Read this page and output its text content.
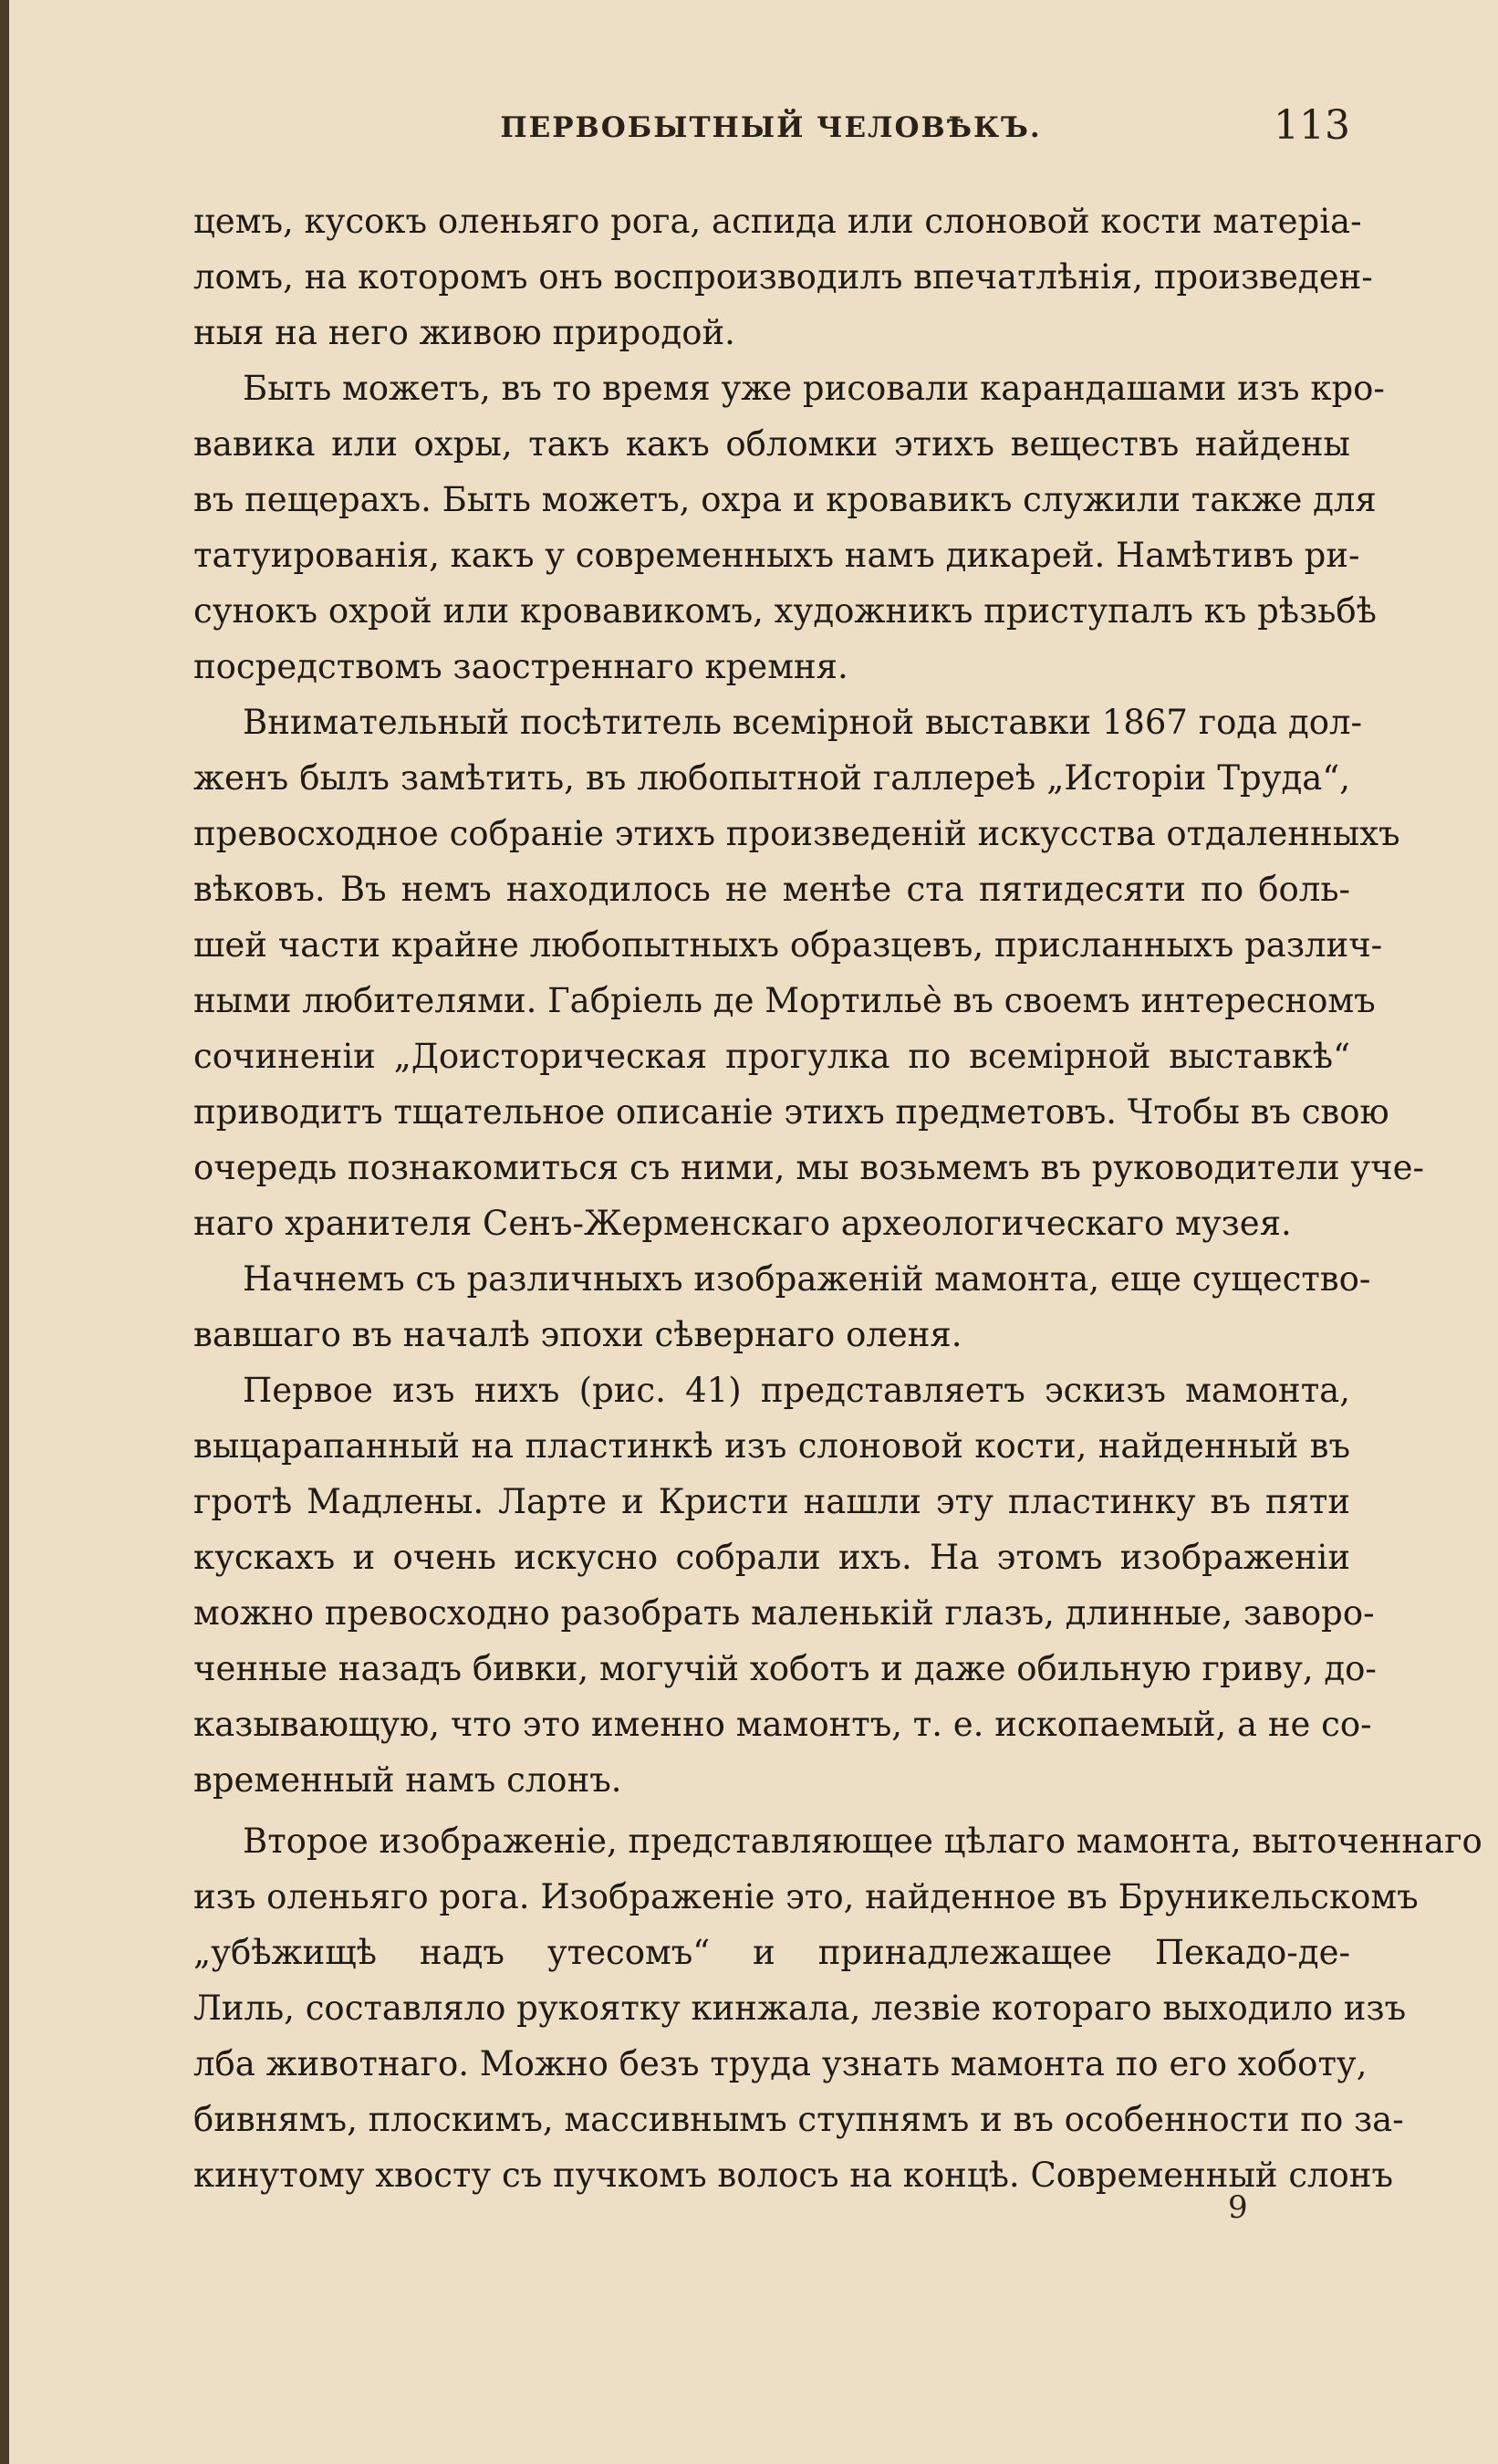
ПЕРВОБЫТНЫЙ ЧЕЛОВѢКЪ.	113
цемъ, кусокъ оленьяго рога, аспида или слоновой кости матеріа-
ломъ, на которомъ онъ воспроизводилъ впечатлѣнія, произведен-
ныя на него живою природой.
Быть можетъ, въ то время уже рисовали карандашами изъ кро-
вавика или охры, такъ какъ обломки этихъ веществъ найдены
въ пещерахъ. Быть можетъ, охра и кровавикъ служили также для
татуированія, какъ у современныхъ намъ дикарей. Намѣтивъ ри-
сунокъ охрой или кровавикомъ, художникъ приступалъ къ рѣзьбѣ
посредствомъ заостреннаго кремня.
Внимательный посѣтитель всемірной выставки 1867 года дол-
женъ былъ замѣтить, въ любопытной галлереѣ „Исторіи Труда“,
превосходное собраніе этихъ произведеній искусства отдаленныхъ
вѣковъ. Въ немъ находилось не менѣе ста пятидесяти по боль-
шей части крайне любопытныхъ образцевъ, присланныхъ различ-
ными любителями. Габріель де Мортильѐ въ своемъ интересномъ
сочиненіи „Доисторическая прогулка по всемірной выставкѣ“
приводитъ тщательное описаніе этихъ предметовъ. Чтобы въ свою
очередь познакомиться съ ними, мы возьмемъ въ руководители уче-
наго хранителя Сенъ-Жерменскаго археологическаго музея.
Начнемъ съ различныхъ изображеній мамонта, еще существо-
вавшаго въ началѣ эпохи сѣвернаго оленя.
Первое изъ нихъ (рис. 41) представляетъ эскизъ мамонта,
выцарапанный на пластинкѣ изъ слоновой кости, найденный въ
гротѣ Мадлены. Ларте и Кристи нашли эту пластинку въ пяти
кускахъ и очень искусно собрали ихъ. На этомъ изображеніи
можно превосходно разобрать маленькій глазъ, длинные, заворо-
ченные назадъ бивки, могучій хоботъ и даже обильную гриву, до-
казывающую, что это именно мамонтъ, т. е. ископаемый, а не со-
временный намъ слонъ.
Второе изображеніе, представляющее цѣлаго мамонта, выточеннаго
изъ оленьяго рога. Изображеніе это, найденное въ Бруникельскомъ
„убѣжищѣ надъ утесомъ“ и принадлежащее Пекадо-де-
Лиль, составляло рукоятку кинжала, лезвіе котораго выходило изъ
лба животнаго. Можно безъ труда узнать мамонта по его хоботу,
бивнямъ, плоскимъ, массивнымъ ступнямъ и въ особенности по за-
кинутому хвосту съ пучкомъ волосъ на концѣ. Современный слонъ
9
